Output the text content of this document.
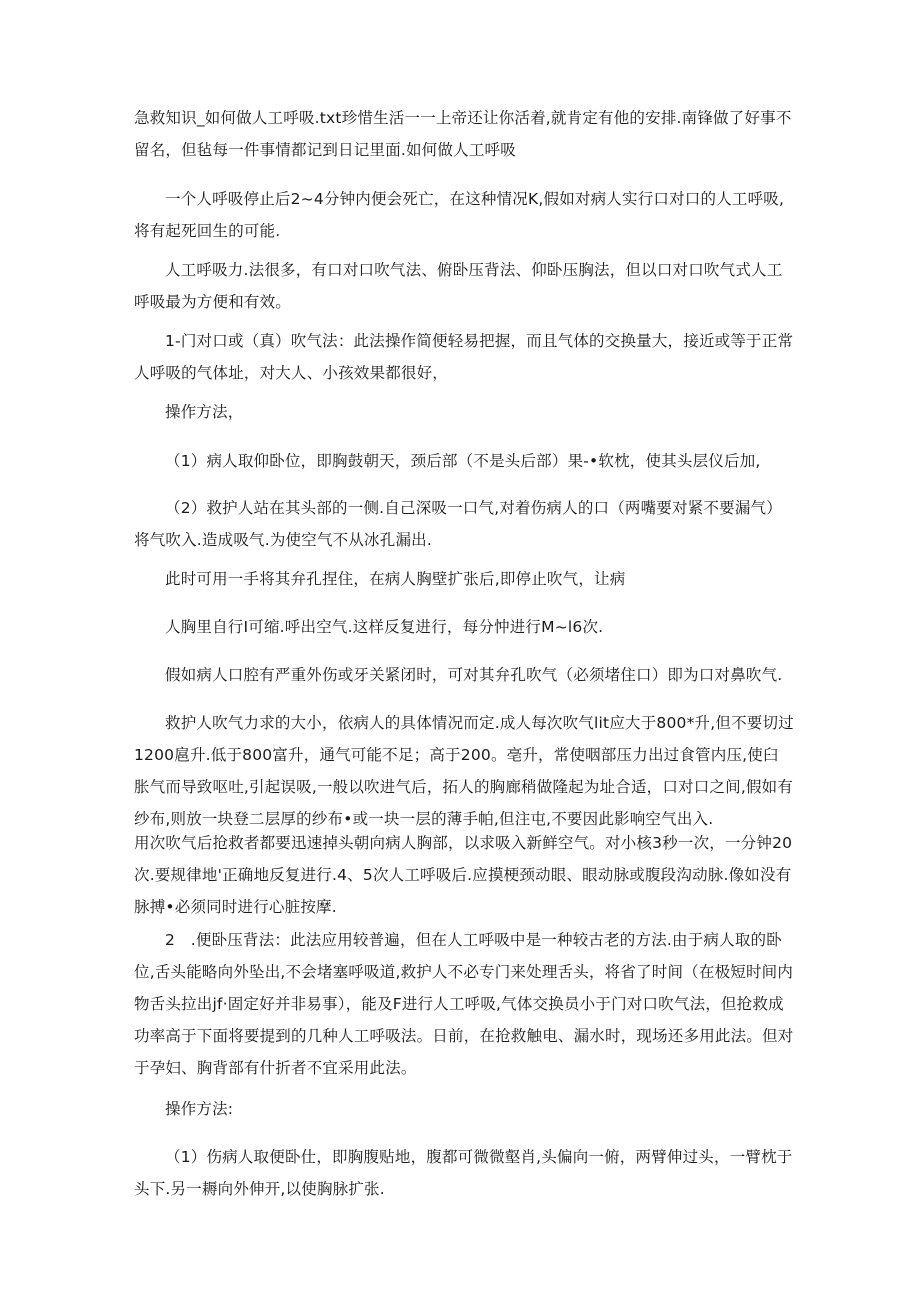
急救知识_如何做人工呼吸.txt珍惜生活一一上帝还让你活着,就肯定有他的安排.南锋做了好事不留名，但毡每一件事情都记到日记里面.如何做人工呼吸

一个人呼吸停止后2~4分钟内便会死亡，在这种情况K,假如对病人实行口对口的人工呼吸,将有起死回生的可能.

人工呼吸力.法很多，有口对口吹气法、俯卧压背法、仰卧压胸法，但以口对口吹气式人工呼吸最为方便和有效。

1-门对口或（真）吹气法：此法操作简便轻易把握，而且气体的交换量大，接近或等于正常人呼吸的气体址，对大人、小孩效果都很好，

操作方法，

（1）病人取仰卧位，即胸鼓朝天，颈后部（不是头后部）果-•软枕，使其头层仪后加,

（2）救护人站在其头部的一侧.自己深吸一口气,对着伤病人的口（两嘴要对紧不要漏气）将气吹入.造成吸气.为使空气不从冰孔漏出.

此时可用一手将其弁孔捏住，在病人胸壁扩张后,即停止吹气，让病

人胸里自行I可缩.呼出空气.这样反复进行，每分忡进行M~l6次.

假如病人口腔有严重外伤或牙关紧闭时，可对其弁孔吹气（必须堵住口）即为口对鼻吹气.

救护人吹气力求的大小，依病人的具体情况而定.成人每次吹气lit应大于800*升,但不要切过1200扈升.低于800富升，通气可能不足；高于200。亳升，常使咽部压力出过食管内压,使臼胀气而导致呕吐,引起误吸,一般以吹进气后，拓人的胸廊稍做隆起为址合适，口对口之间,假如有纱布,则放一块登二层厚的纱布•或一块一层的薄手帕,但注屯,不要因此影响空气出入.

用次吹气后抢救者都要迅速掉头朝向病人胸部，以求吸入新鲜空气。对小核3秒一次，一分钟20次.要规律地'正确地反复进行.4、5次人工呼吸后.应摸梗颈动眼、眼动脉或腹段沟动脉.像如没有脉搏•必须同时进行心脏按摩.

2　.便卧压背法：此法应用较普遍，但在人工呼吸中是一种较古老的方法.由于病人取的卧位,舌头能略向外坠出,不会堵塞呼吸道,救护人不必专门来处理舌头，将省了时间（在极短时间内物舌头拉出jf·固定好并非易事），能及F进行人工呼吸,气体交换员小于门对口吹气法，但抢救成功率高于下面将要提到的几种人工呼吸法。日前，在抢救触电、漏水时，现场还多用此法。但对于孕妇、胸背部有什折者不宜采用此法。

操作方法:

（1）伤病人取便卧仕，即胸腹贴地，腹都可微微壑肖,头偏向一俯，两臂伸过头，一臂枕于头下.另一耨向外伸开,以使胸脉扩张.
